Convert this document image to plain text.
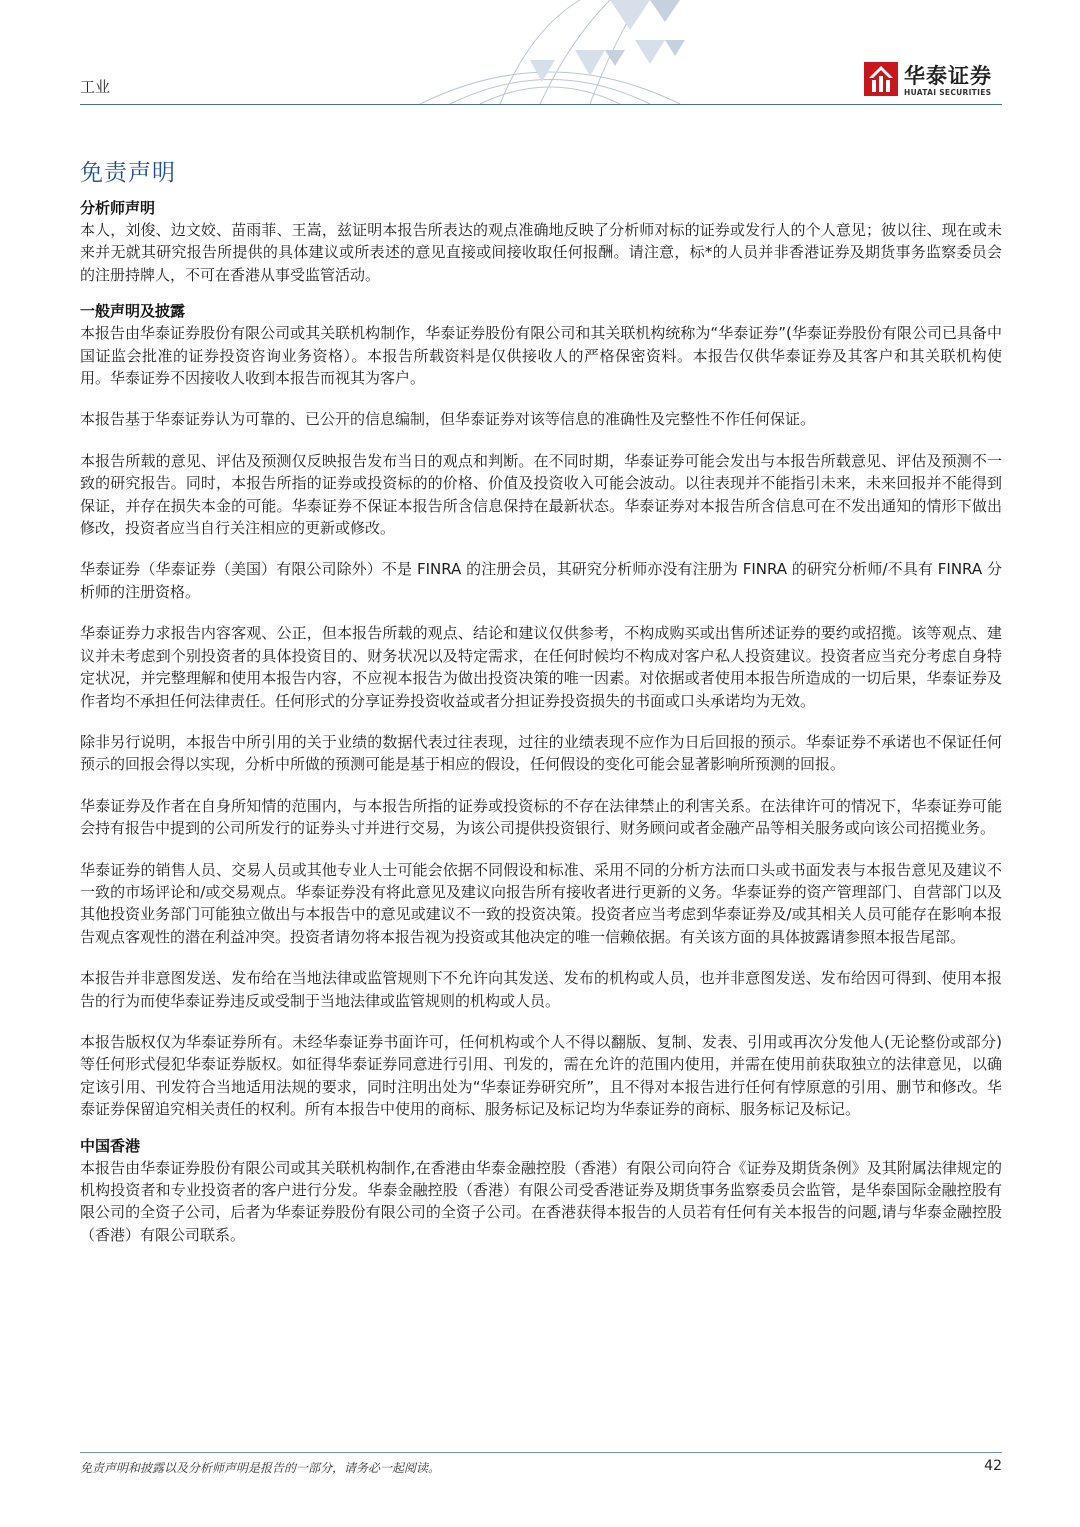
工业	华泰证券
HUATAI SECURITIES
免责声明
分析师声明

本人，刘俊、边文姣、苗雨菲、王嵩，兹证明本报告所表达的观点准确地反映了分析师对标的证券或发行人的个人意见；彼以往、现在或未来并无就其研究报告所提供的具体建议或所表述的意见直接或间接收取任何报酬。请注意，标*的人员并非香港证券及期货事务监察委员会的注册持牌人，不可在香港从事受监管活动。

一般声明及披露

本报告由华泰证券股份有限公司或其关联机构制作，华泰证券股份有限公司和其关联机构统称为“华泰证券”(华泰证券股份有限公司已具备中国证监会批准的证券投资咨询业务资格）。本报告所载资料是仅供接收人的严格保密资料。本报告仅供华泰证券及其客户和其关联机构使用。华泰证券不因接收人收到本报告而视其为客户。

本报告基于华泰证券认为可靠的、已公开的信息编制，但华泰证券对该等信息的准确性及完整性不作任何保证。

本报告所载的意见、评估及预测仅反映报告发布当日的观点和判断。在不同时期，华泰证券可能会发出与本报告所载意见、评估及预测不一致的研究报告。同时，本报告所指的证券或投资标的的价格、价值及投资收入可能会波动。以往表现并不能指引未来，未来回报并不能得到保证，并存在损失本金的可能。华泰证券不保证本报告所含信息保持在最新状态。华泰证券对本报告所含信息可在不发出通知的情形下做出修改，投资者应当自行关注相应的更新或修改。

华泰证券（华泰证券（美国）有限公司除外）不是 FINRA 的注册会员，其研究分析师亦没有注册为 FINRA 的研究分析师/不具有 FINRA 分析师的注册资格。

华泰证券力求报告内容客观、公正，但本报告所载的观点、结论和建议仅供参考，不构成购买或出售所述证券的要约或招揽。该等观点、建议并未考虑到个别投资者的具体投资目的、财务状况以及特定需求，在任何时候均不构成对客户私人投资建议。投资者应当充分考虑自身特定状况，并完整理解和使用本报告内容，不应视本报告为做出投资决策的唯一因素。对依据或者使用本报告所造成的一切后果，华泰证券及作者均不承担任何法律责任。任何形式的分享证券投资收益或者分担证券投资损失的书面或口头承诺均为无效。

除非另行说明，本报告中所引用的关于业绩的数据代表过往表现，过往的业绩表现不应作为日后回报的预示。华泰证券不承诺也不保证任何预示的回报会得以实现，分析中所做的预测可能是基于相应的假设，任何假设的变化可能会显著影响所预测的回报。

华泰证券及作者在自身所知情的范围内，与本报告所指的证券或投资标的不存在法律禁止的利害关系。在法律许可的情况下，华泰证券可能会持有报告中提到的公司所发行的证券头寸并进行交易，为该公司提供投资银行、财务顾问或者金融产品等相关服务或向该公司招揽业务。

华泰证券的销售人员、交易人员或其他专业人士可能会依据不同假设和标准、采用不同的分析方法而口头或书面发表与本报告意见及建议不一致的市场评论和/或交易观点。华泰证券没有将此意见及建议向报告所有接收者进行更新的义务。华泰证券的资产管理部门、自营部门以及其他投资业务部门可能独立做出与本报告中的意见或建议不一致的投资决策。投资者应当考虑到华泰证券及/或其相关人员可能存在影响本报告观点客观性的潜在利益冲突。投资者请勿将本报告视为投资或其他决定的唯一信赖依据。有关该方面的具体披露请参照本报告尾部。

本报告并非意图发送、发布给在当地法律或监管规则下不允许向其发送、发布的机构或人员，也并非意图发送、发布给因可得到、使用本报告的行为而使华泰证券违反或受制于当地法律或监管规则的机构或人员。

本报告版权仅为华泰证券所有。未经华泰证券书面许可，任何机构或个人不得以翻版、复制、发表、引用或再次分发他人(无论整份或部分)等任何形式侵犯华泰证券版权。如征得华泰证券同意进行引用、刊发的，需在允许的范围内使用，并需在使用前获取独立的法律意见，以确定该引用、刊发符合当地适用法规的要求，同时注明出处为“华泰证券研究所”，且不得对本报告进行任何有悖原意的引用、删节和修改。华泰证券保留追究相关责任的权利。所有本报告中使用的商标、服务标记及标记均为华泰证券的商标、服务标记及标记。

中国香港

本报告由华泰证券股份有限公司或其关联机构制作,在香港由华泰金融控股（香港）有限公司向符合《证券及期货条例》及其附属法律规定的机构投资者和专业投资者的客户进行分发。华泰金融控股（香港）有限公司受香港证券及期货事务监察委员会监管，是华泰国际金融控股有限公司的全资子公司，后者为华泰证券股份有限公司的全资子公司。在香港获得本报告的人员若有任何有关本报告的问题,请与华泰金融控股（香港）有限公司联系。

免责声明和披露以及分析师声明是报告的一部分，请务必一起阅读。	42
